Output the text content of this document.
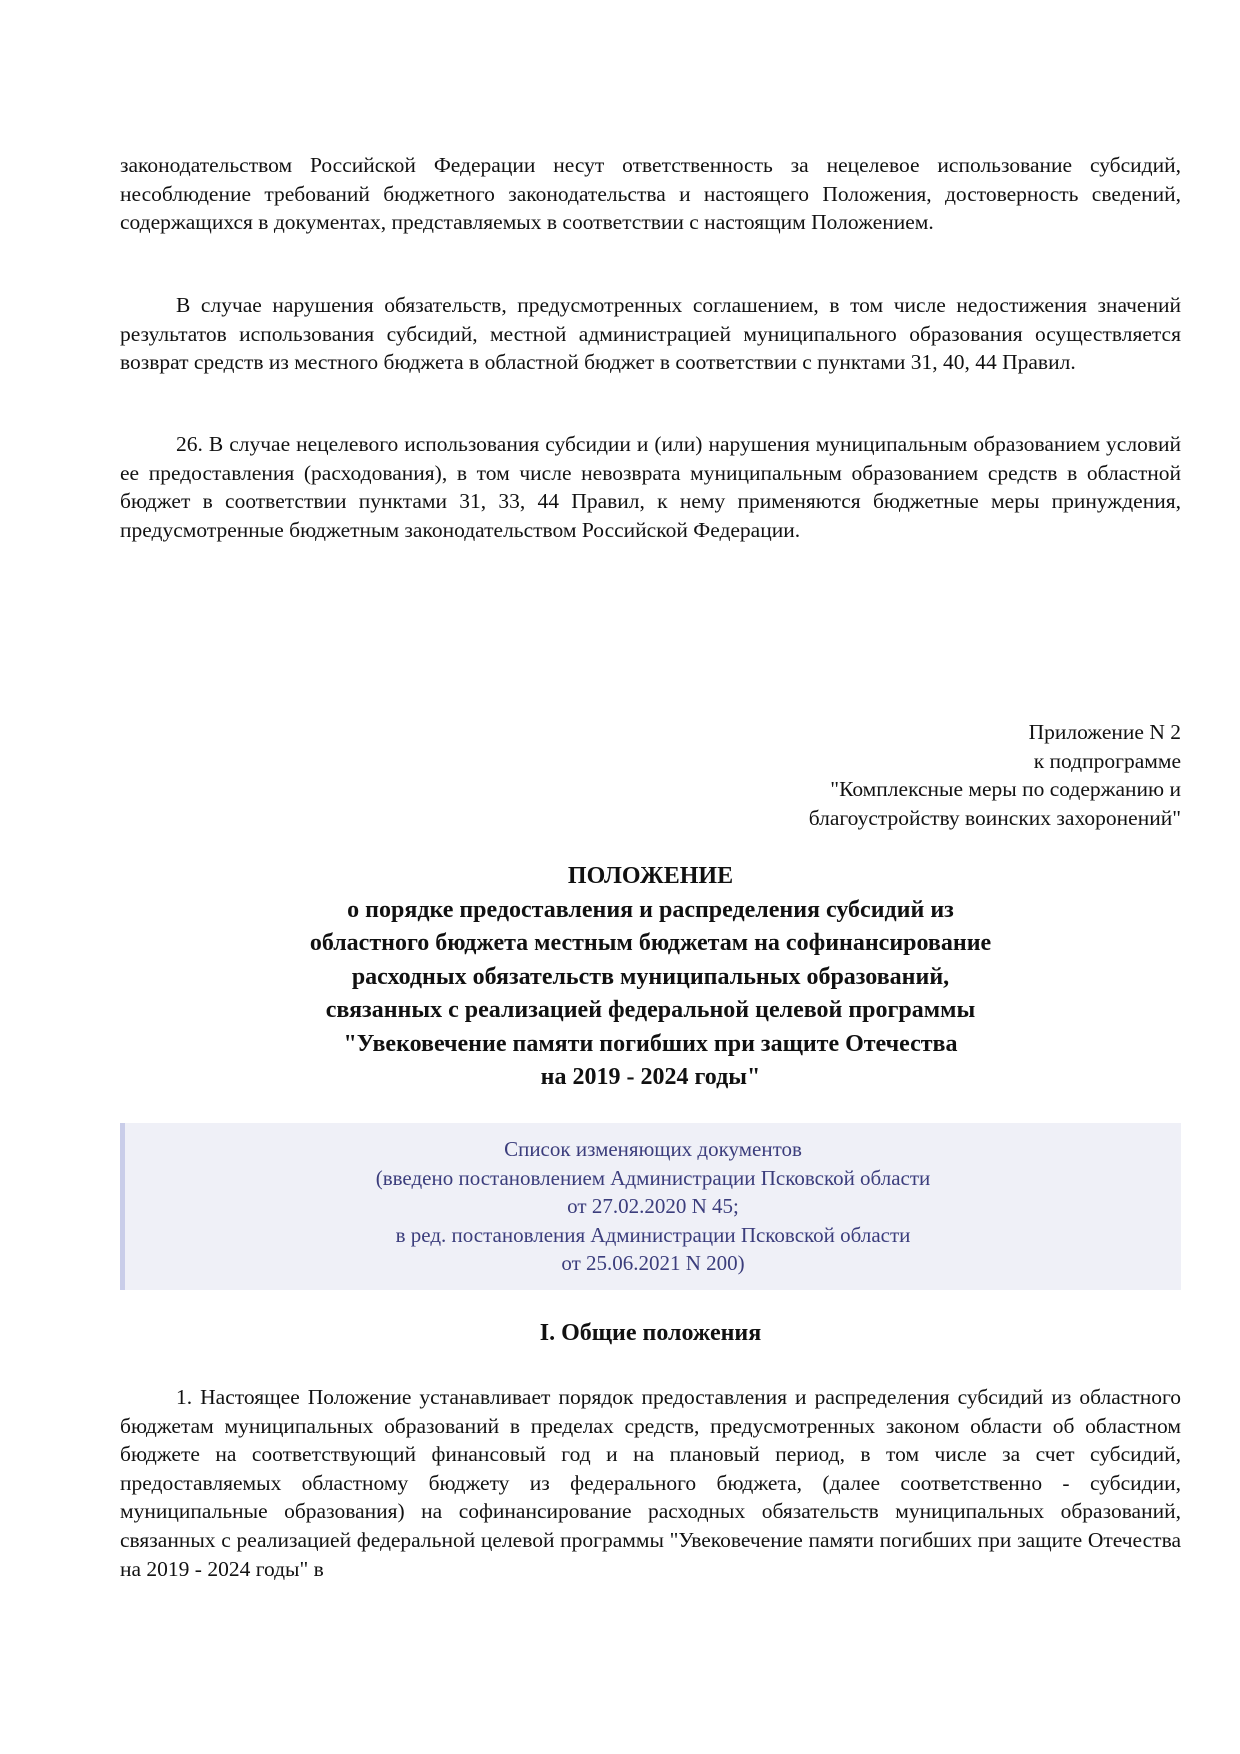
законодательством Российской Федерации несут ответственность за нецелевое использование субсидий, несоблюдение требований бюджетного законодательства и настоящего Положения, достоверность сведений, содержащихся в документах, представляемых в соответствии с настоящим Положением.

В случае нарушения обязательств, предусмотренных соглашением, в том числе недостижения значений результатов использования субсидий, местной администрацией муниципального образования осуществляется возврат средств из местного бюджета в областной бюджет в соответствии с пунктами 31, 40, 44 Правил.

26. В случае нецелевого использования субсидии и (или) нарушения муниципальным образованием условий ее предоставления (расходования), в том числе невозврата муниципальным образованием средств в областной бюджет в соответствии пунктами 31, 33, 44 Правил, к нему применяются бюджетные меры принуждения, предусмотренные бюджетным законодательством Российской Федерации.

Приложение N 2
к подпрограмме
"Комплексные меры по содержанию и
благоустройству воинских захоронений"
ПОЛОЖЕНИЕ
о порядке предоставления и распределения субсидий из
областного бюджета местным бюджетам на софинансирование
расходных обязательств муниципальных образований,
связанных с реализацией федеральной целевой программы
"Увековечение памяти погибших при защите Отечества
на 2019 - 2024 годы"
Список изменяющих документов
(введено постановлением Администрации Псковской области
от 27.02.2020 N 45;
в ред. постановления Администрации Псковской области
от 25.06.2021 N 200)
I. Общие положения

1. Настоящее Положение устанавливает порядок предоставления и распределения субсидий из областного бюджетам муниципальных образований в пределах средств, предусмотренных законом области об областном бюджете на соответствующий финансовый год и на плановый период, в том числе за счет субсидий, предоставляемых областному бюджету из федерального бюджета, (далее соответственно - субсидии, муниципальные образования) на софинансирование расходных обязательств муниципальных образований, связанных с реализацией федеральной целевой программы "Увековечение памяти погибших при защите Отечества на 2019 - 2024 годы" в
